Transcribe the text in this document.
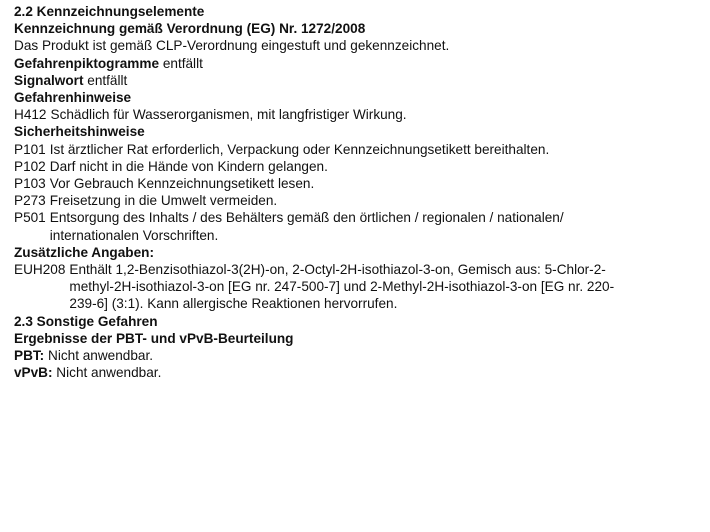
2.2 Kennzeichnungselemente
Kennzeichnung gemäß Verordnung (EG) Nr. 1272/2008
Das Produkt ist gemäß CLP-Verordnung eingestuft und gekennzeichnet.
Gefahrenpiktogramme entfällt
Signalwort entfällt
Gefahrenhinweise
H412 Schädlich für Wasserorganismen, mit langfristiger Wirkung.
Sicherheitshinweise
P101 Ist ärztlicher Rat erforderlich, Verpackung oder Kennzeichnungsetikett bereithalten.
P102 Darf nicht in die Hände von Kindern gelangen.
P103 Vor Gebrauch Kennzeichnungsetikett lesen.
P273 Freisetzung in die Umwelt vermeiden.
P501 Entsorgung des Inhalts / des Behälters gemäß den örtlichen / regionalen / nationalen/
internationalen Vorschriften.
Zusätzliche Angaben:
EUH208 Enthält 1,2-Benzisothiazol-3(2H)-on, 2-Octyl-2H-isothiazol-3-on, Gemisch aus: 5-Chlor-2-
methyl-2H-isothiazol-3-on [EG nr. 247-500-7] und 2-Methyl-2H-isothiazol-3-on [EG nr. 220-
239-6] (3:1). Kann allergische Reaktionen hervorrufen.
2.3 Sonstige Gefahren
Ergebnisse der PBT- und vPvB-Beurteilung
PBT: Nicht anwendbar.
vPvB: Nicht anwendbar.
